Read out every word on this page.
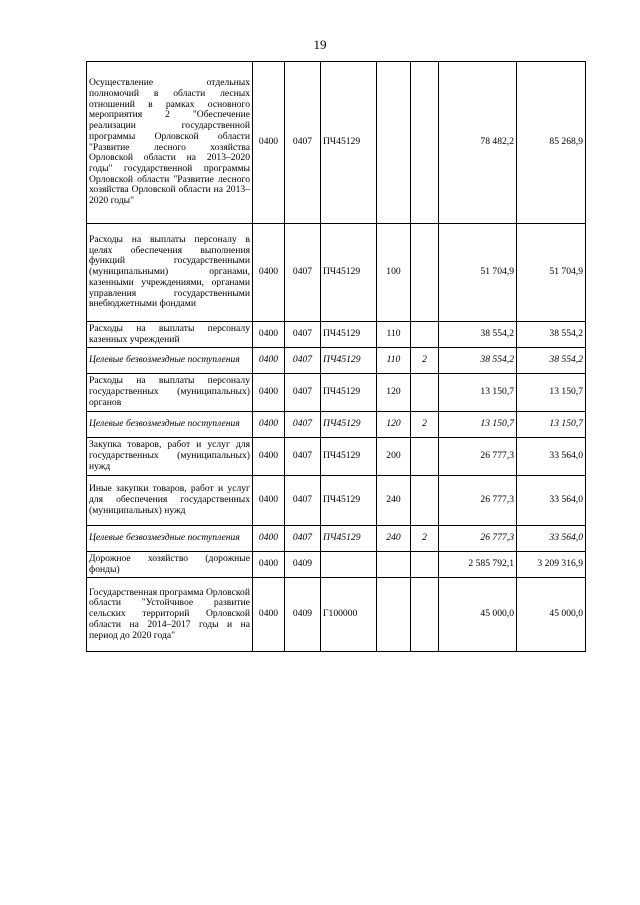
19
Осуществление отдельных полномочий в области лесных отношений в рамках основного мероприятия 2 "Обеспечение реализации государственной программы Орловской области "Развитие лесного хозяйства Орловской области на 2013–2020 годы" государственной программы Орловской области "Развитие лесного хозяйства Орловской области на 2013–2020 годы"	0400	0407	ПЧ45129			78 482,2	85 268,9
Расходы на выплаты персоналу в целях обеспечения выполнения функций государственными (муниципальными) органами, казенными учреждениями, органами управления государственными внебюджетными фондами	0400	0407	ПЧ45129	100		51 704,9	51 704,9
Расходы на выплаты персоналу казенных учреждений	0400	0407	ПЧ45129	110		38 554,2	38 554,2
Целевые безвозмездные поступления	0400	0407	ПЧ45129	110	2	38 554,2	38 554,2
Расходы на выплаты персоналу государственных (муниципальных) органов	0400	0407	ПЧ45129	120		13 150,7	13 150,7
Целевые безвозмездные поступления	0400	0407	ПЧ45129	120	2	13 150,7	13 150,7
Закупка товаров, работ и услуг для государственных (муниципальных) нужд	0400	0407	ПЧ45129	200		26 777,3	33 564,0
Иные закупки товаров, работ и услуг для обеспечения государственных (муниципальных) нужд	0400	0407	ПЧ45129	240		26 777,3	33 564,0
Целевые безвозмездные поступления	0400	0407	ПЧ45129	240	2	26 777,3	33 564,0
Дорожное хозяйство (дорожные фонды)	0400	0409				2 585 792,1	3 209 316,9
Государственная программа Орловской области "Устойчивое развитие сельских территорий Орловской области на 2014–2017 годы и на период до 2020 года"	0400	0409	Г100000			45 000,0	45 000,0
